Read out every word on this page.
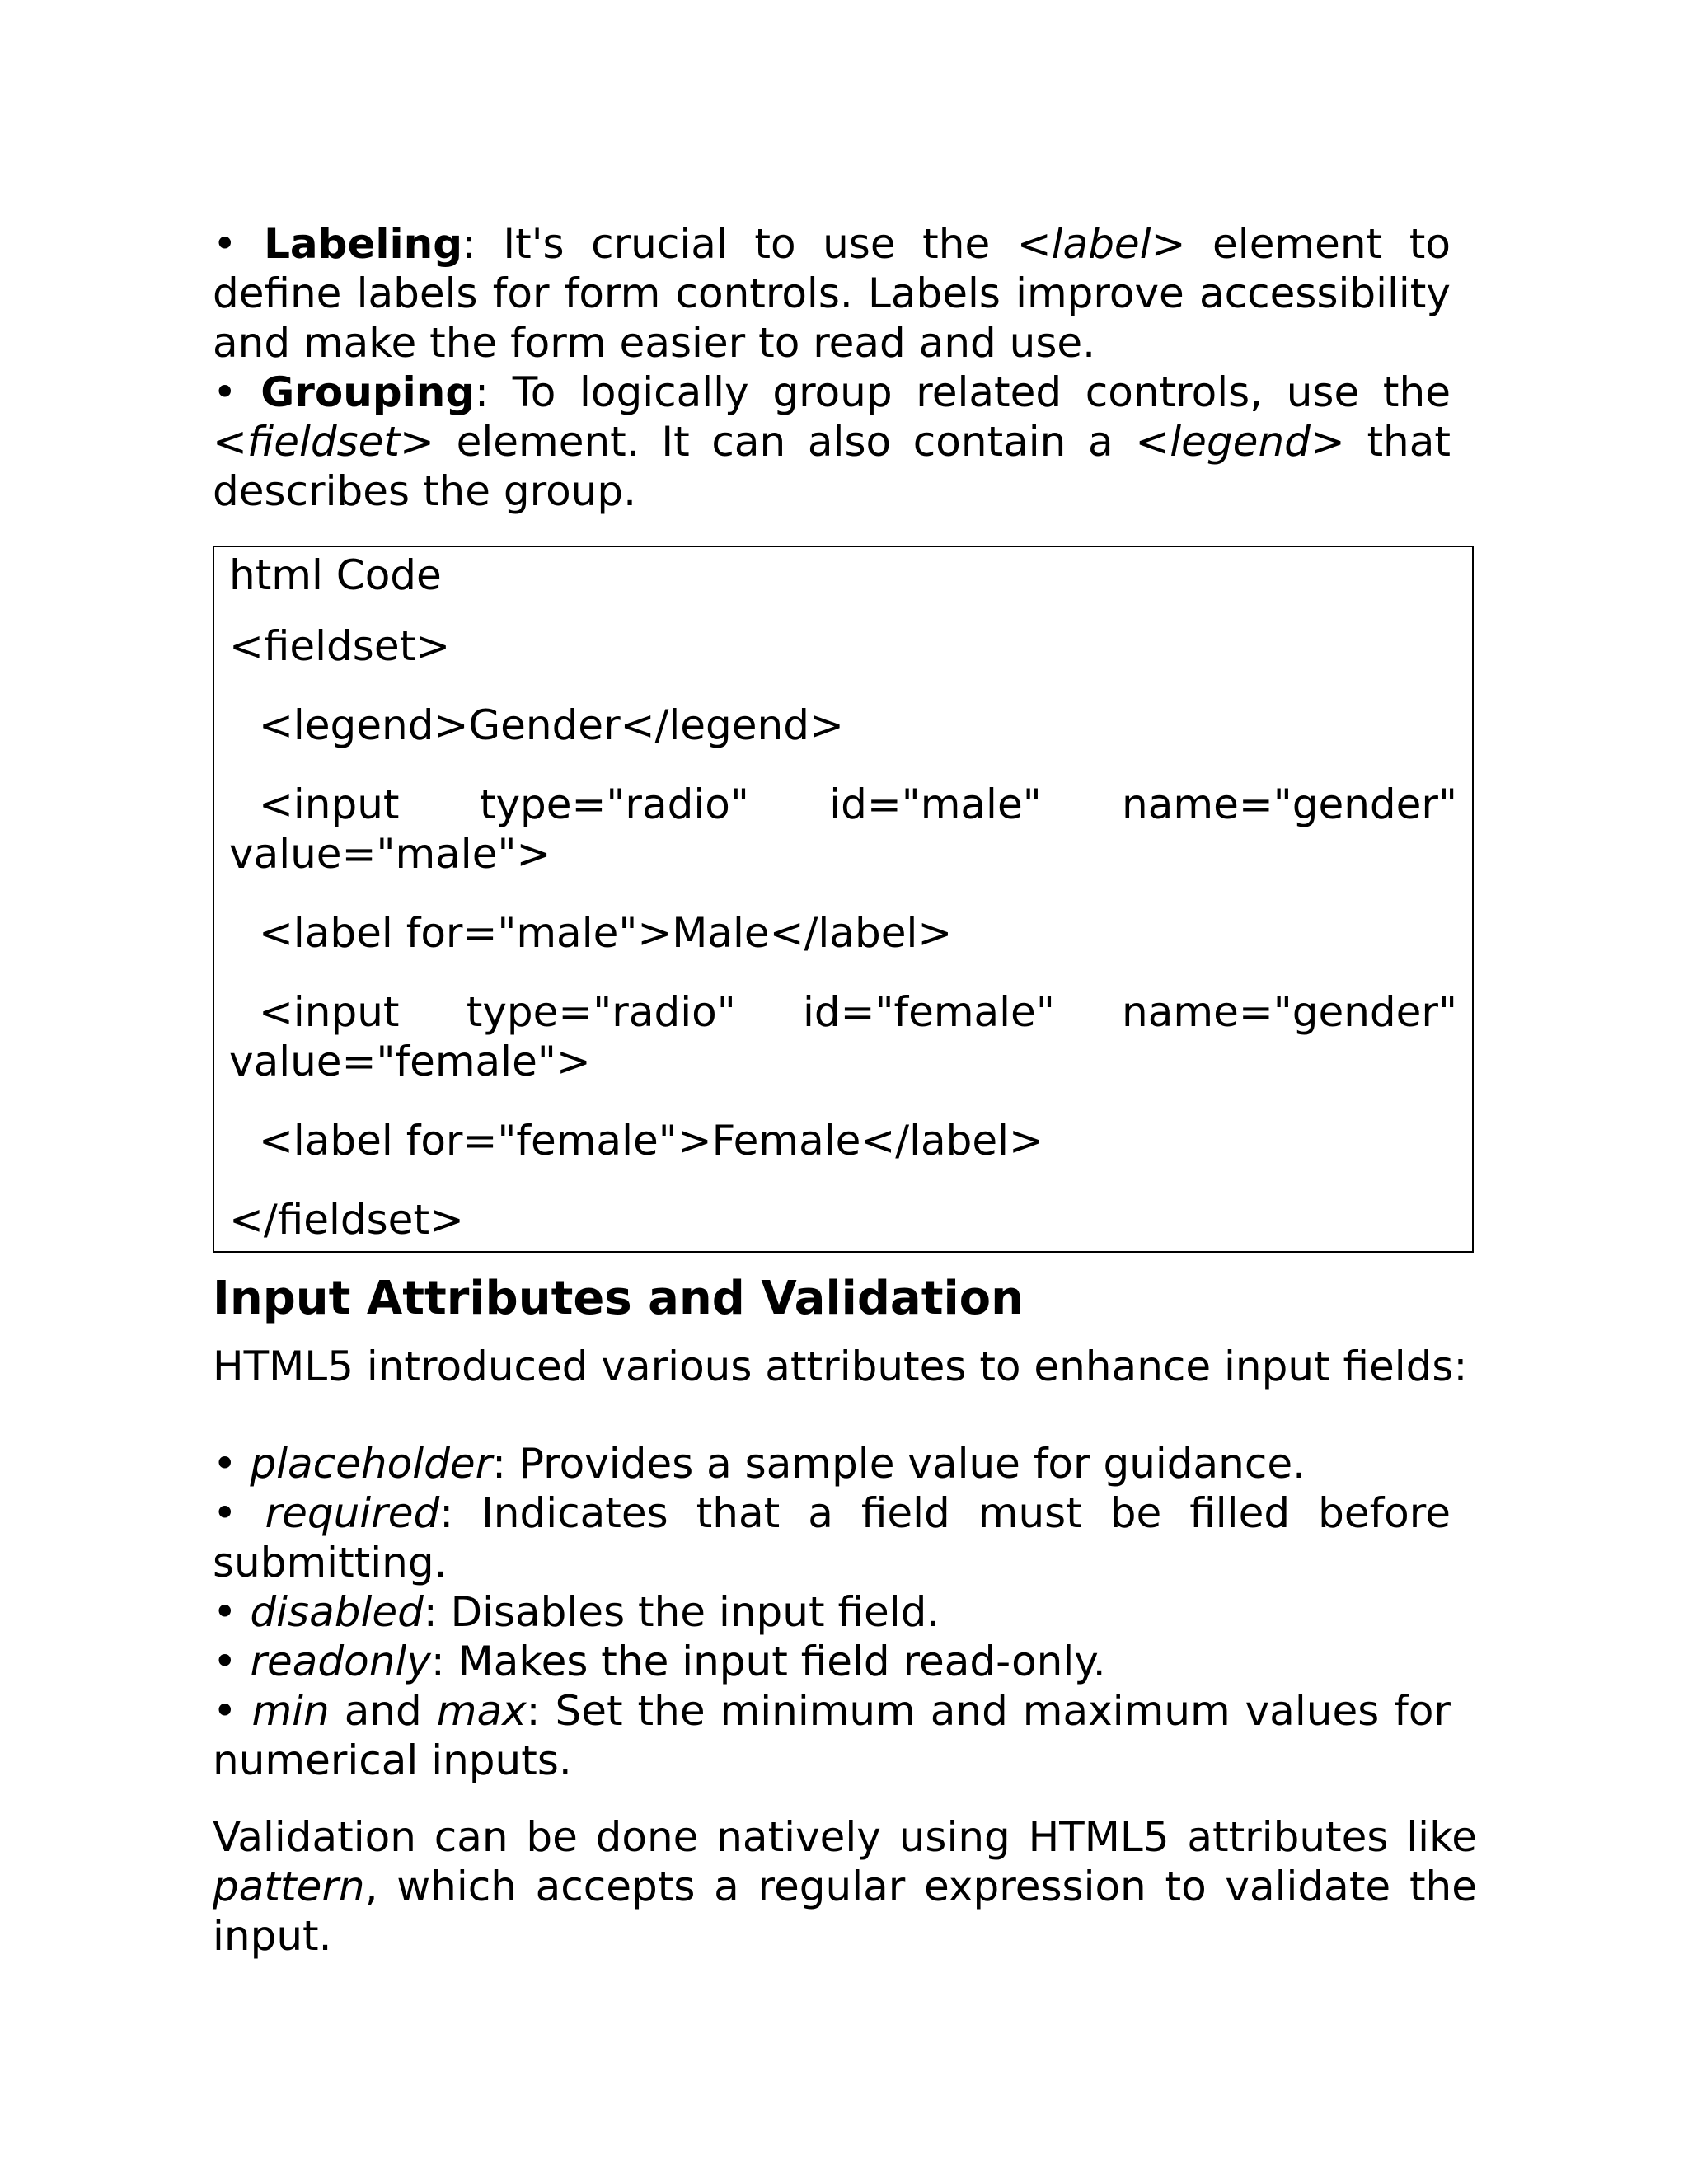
• Labeling: It's crucial to use the <label> element to define labels for form controls. Labels improve accessibility and make the form easier to read and use.

• Grouping: To logically group related controls, use the <fieldset> element. It can also contain a <legend> that describes the group.

html Code
<fieldset>
<legend>Gender</legend>
<input	type="radio"	id="male"	name="gender"
value="male">
<label for="male">Male</label>
<input	type="radio"	id="female"	name="gender"
value="female">
<label for="female">Female</label>
</fieldset>
Input Attributes and Validation

HTML5 introduced various attributes to enhance input fields:

• placeholder: Provides a sample value for guidance.

• required: Indicates that a field must be filled before submitting.

• disabled: Disables the input field.

• readonly: Makes the input field read-only.

• min and max: Set the minimum and maximum values for numerical inputs.

Validation can be done natively using HTML5 attributes like pattern, which accepts a regular expression to validate the input.
